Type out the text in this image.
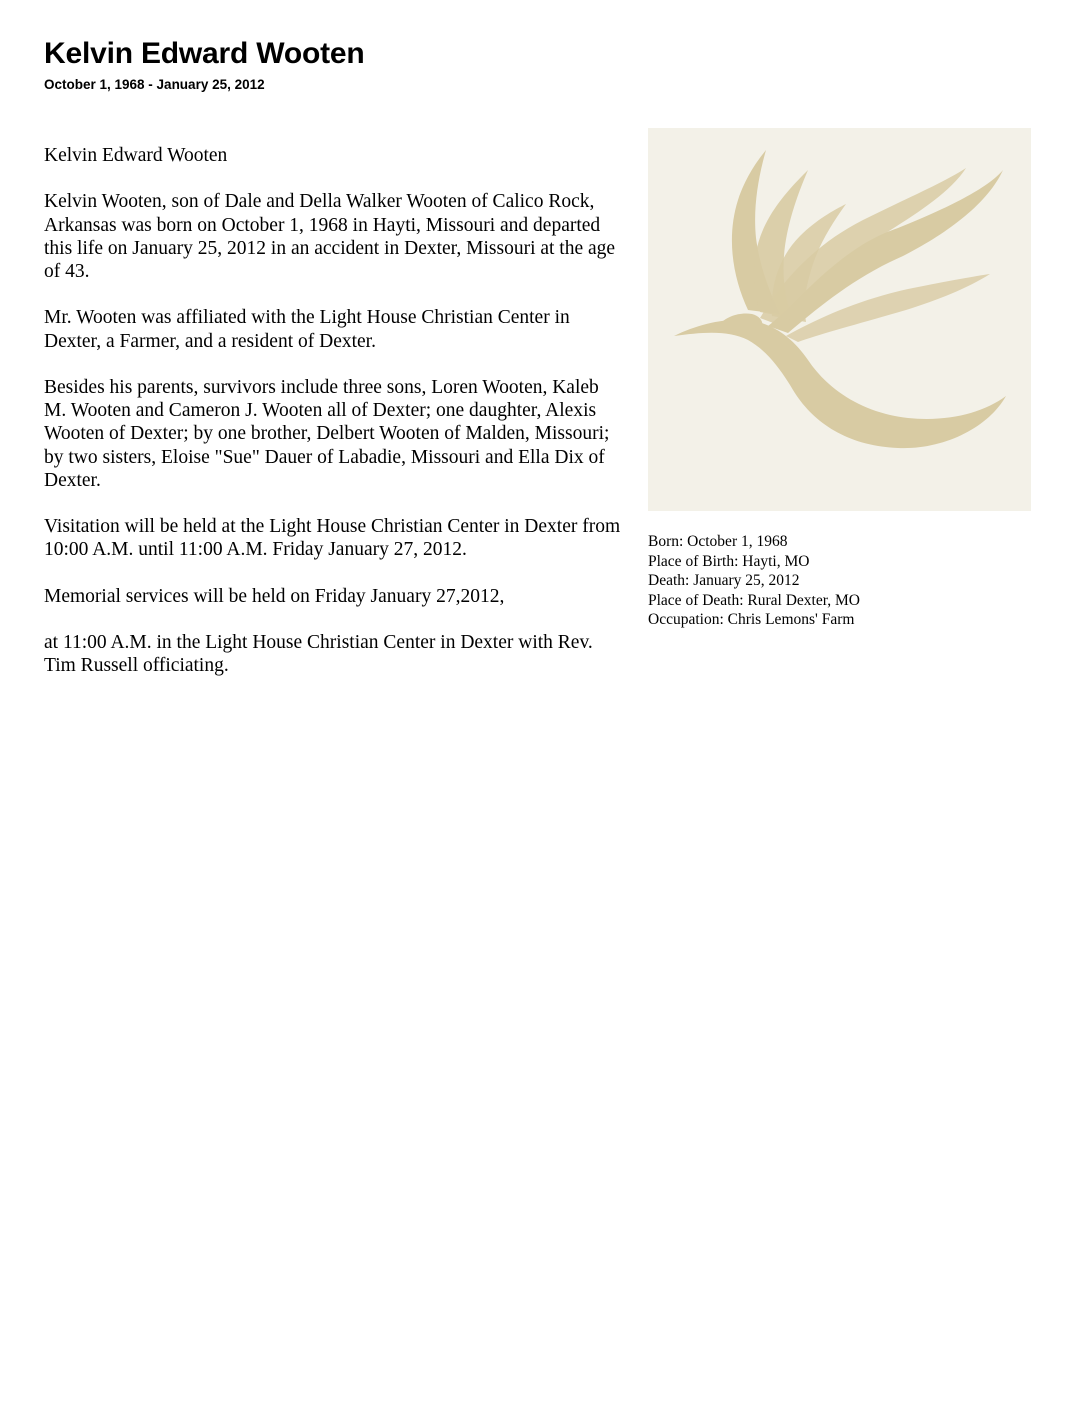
Kelvin Edward Wooten
October 1, 1968 - January 25, 2012

Kelvin Edward Wooten

Kelvin Wooten, son of Dale and Della Walker Wooten of Calico Rock, Arkansas was born on October 1, 1968 in Hayti, Missouri and departed this life on January 25, 2012 in an accident in Dexter, Missouri at the age of 43.

Mr. Wooten was affiliated with the Light House Christian Center in Dexter, a Farmer, and a resident of Dexter.

Besides his parents, survivors include three sons, Loren Wooten, Kaleb M. Wooten and Cameron J. Wooten all of Dexter; one daughter, Alexis Wooten of Dexter; by one brother, Delbert Wooten of Malden, Missouri; by two sisters, Eloise "Sue" Dauer of Labadie, Missouri and Ella Dix of Dexter.

Visitation will be held at the Light House Christian Center in Dexter from 10:00 A.M. until 11:00 A.M. Friday January 27, 2012.

Memorial services will be held on Friday January 27,2012,

at 11:00 A.M. in the Light House Christian Center in Dexter with Rev. Tim Russell officiating.

Born: October 1, 1968
Place of Birth: Hayti, MO
Death: January 25, 2012
Place of Death: Rural Dexter, MO
Occupation: Chris Lemons' Farm
